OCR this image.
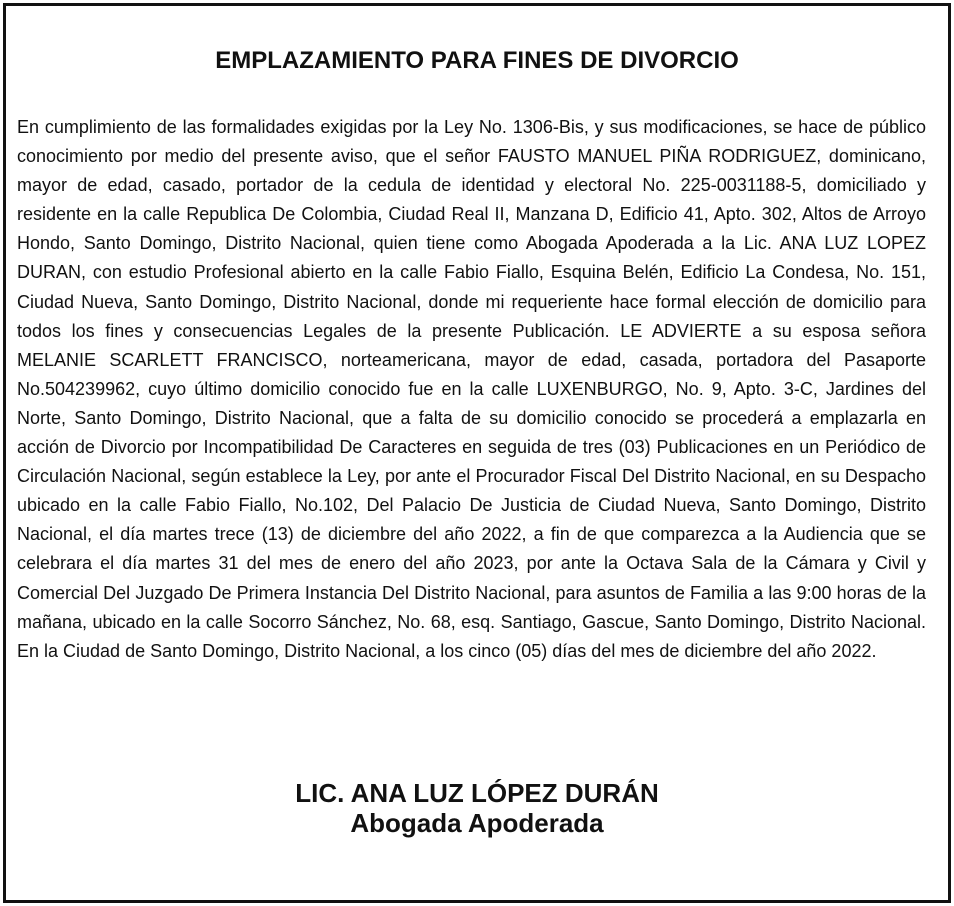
EMPLAZAMIENTO PARA FINES DE DIVORCIO

En cumplimiento de las formalidades exigidas por la Ley No. 1306-Bis, y sus modificaciones, se hace de público conocimiento por medio del presente aviso, que el señor FAUSTO MANUEL PIÑA RODRIGUEZ, dominicano, mayor de edad, casado, portador de la cedula de identidad y electoral No. 225-0031188-5, domiciliado y residente en la calle Republica De Colombia, Ciudad Real II, Manzana D, Edificio 41, Apto. 302, Altos de Arroyo Hondo, Santo Domingo, Distrito Nacional, quien tiene como Abogada Apoderada a la Lic. ANA LUZ LOPEZ DURAN, con estudio Profesional abierto en la calle Fabio Fiallo, Esquina Belén, Edificio La Condesa, No. 151, Ciudad Nueva, Santo Domingo, Distrito Nacional, donde mi requeriente hace formal elección de domicilio para todos los fines y consecuencias Legales de la presente Publicación. LE ADVIERTE a su esposa señora MELANIE SCARLETT FRANCISCO, norteamericana, mayor de edad, casada, portadora del Pasaporte No.504239962, cuyo último domicilio conocido fue en la calle LUXENBURGO, No. 9, Apto. 3-C, Jardines del Norte, Santo Domingo, Distrito Nacional, que a falta de su domicilio conocido se procederá a emplazarla en acción de Divorcio por Incompatibilidad De Caracteres en seguida de tres (03) Publicaciones en un Periódico de Circulación Nacional, según establece la Ley, por ante el Procurador Fiscal Del Distrito Nacional, en su Despacho ubicado en la calle Fabio Fiallo, No.102, Del Palacio De Justicia de Ciudad Nueva, Santo Domingo, Distrito Nacional, el día martes trece (13) de diciembre del año 2022, a fin de que comparezca a la Audiencia que se celebrara el día martes 31 del mes de enero del año 2023, por ante la Octava Sala de la Cámara y Civil y Comercial Del Juzgado De Primera Instancia Del Distrito Nacional, para asuntos de Familia a las 9:00 horas de la mañana, ubicado en la calle Socorro Sánchez, No. 68, esq. Santiago, Gascue, Santo Domingo, Distrito Nacional. En la Ciudad de Santo Domingo, Distrito Nacional, a los cinco (05) días del mes de diciembre del año 2022.

LIC. ANA LUZ LÓPEZ DURÁN
Abogada Apoderada
